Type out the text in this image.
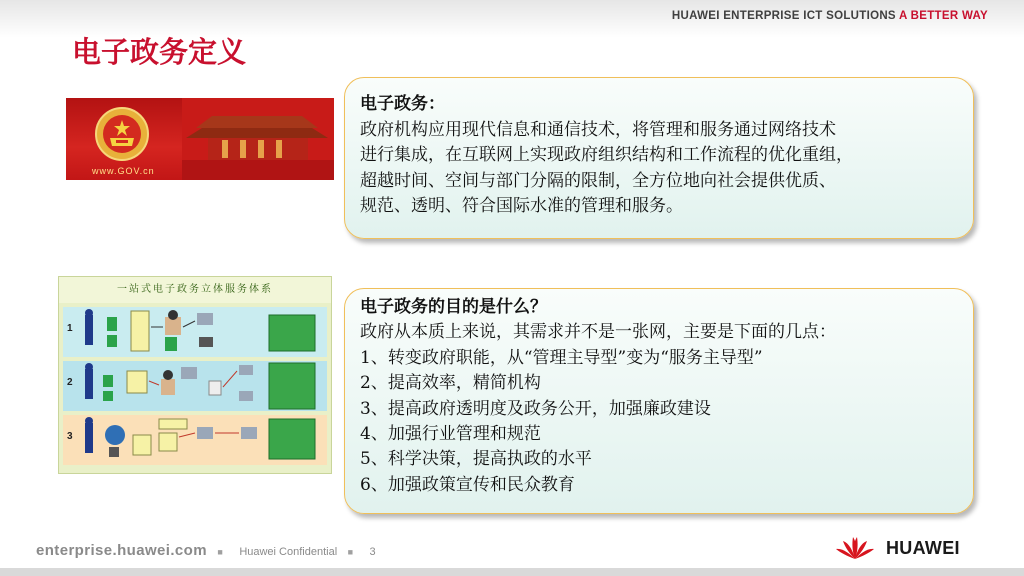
HUAWEI ENTERPRISE ICT SOLUTIONS A BETTER WAY
电子政务定义
www.GOV.cn
一站式电子政务立体服务体系
1
2
3

电子政务：

政府机构应用现代信息和通信技术，将管理和服务通过网络技术

进行集成，在互联网上实现政府组织结构和工作流程的优化重组，

超越时间、空间与部门分隔的限制，全方位地向社会提供优质、

规范、透明、符合国际水准的管理和服务。

电子政务的目的是什么？

政府从本质上来说，其需求并不是一张网，主要是下面的几点：

1、转变政府职能，从“管理主导型”变为“服务主导型”

2、提高效率，精简机构

3、提高政府透明度及政务公开，加强廉政建设

4、加强行业管理和规范

5、科学决策，提高执政的水平

6、加强政策宣传和民众教育

enterprise.huawei.com ■ Huawei Confidential ■ 3	HUAWEI
